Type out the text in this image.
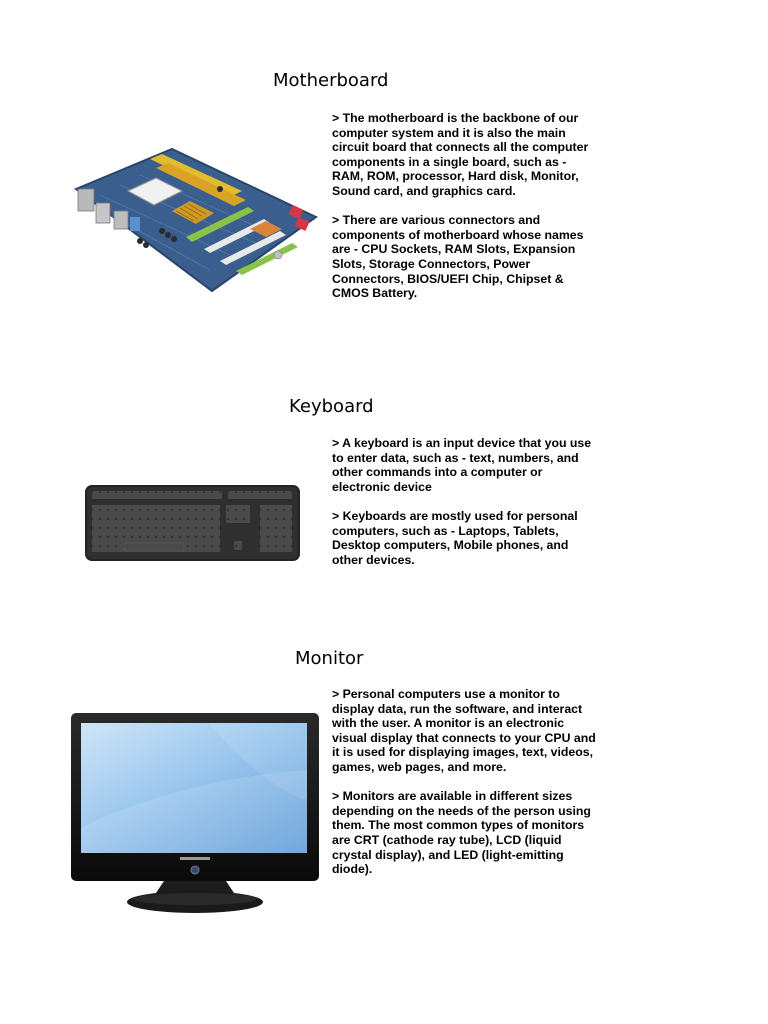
Motherboard

> The motherboard is the backbone of our computer system and it is also the main circuit board that connects all the computer components in a single board, such as - RAM, ROM, processor, Hard disk, Monitor, Sound card, and graphics card.

> There are various connectors and components of motherboard whose names are - CPU Sockets, RAM Slots, Expansion Slots, Storage Connectors, Power Connectors, BIOS/UEFI Chip, Chipset & CMOS Battery.

Keyboard

> A keyboard is an input device that you use to enter data, such as - text, numbers, and other commands into a computer or electronic device

> Keyboards are mostly used for personal computers, such as - Laptops, Tablets, Desktop computers, Mobile phones, and other devices.

Monitor

> Personal computers use a monitor to display data, run the software, and interact with the user. A monitor is an electronic visual display that connects to your CPU and it is used for displaying images, text, videos, games, web pages, and more.

> Monitors are available in different sizes depending on the needs of the person using them. The most common types of monitors are CRT (cathode ray tube), LCD (liquid crystal display), and LED (light-emitting diode).
